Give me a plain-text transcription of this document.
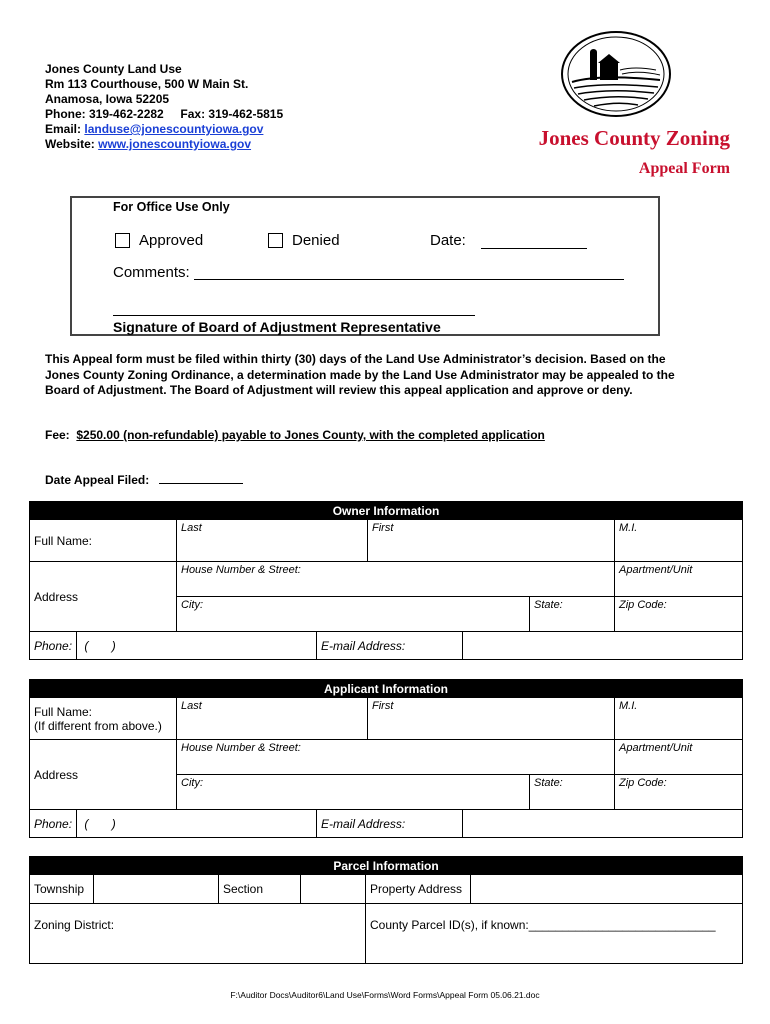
Jones County Land Use
Rm 113 Courthouse, 500 W Main St.
Anamosa, Iowa 52205
Phone: 319-462-2282 Fax: 319-462-5815
Email: landuse@jonescountyiowa.gov
Website: www.jonescountyiowa.gov	Jones County Zoning
Appeal Form
For Office Use Only
Approved	Denied	Date:
Comments:
Signature of Board of Adjustment Representative
This Appeal form must be filed within thirty (30) days of the Land Use Administrator’s decision. Based on the Jones County Zoning Ordinance, a determination made by the Land Use Administrator may be appealed to the Board of Adjustment. The Board of Adjustment will review this appeal application and approve or deny.
Fee: $250.00 (non-refundable) payable to Jones County, with the completed application
Date Appeal Filed:
Owner Information							
Full Name:		Last		First			M.I.
Address		House Number & Street:					Apartment/Unit
		City:				State:	Zip Code:
Phone:	( )		E-mail Address:				
Applicant Information							

Full Name:
(If different from above.)		Last		First			M.I.
Address		House Number & Street:					Apartment/Unit
		City:				State:	Zip Code:
Phone:	( )		E-mail Address:				
Parcel Information					
Township		Section		Property Address	
Zoning District:				County Parcel ID(s), if known:____________________________	
F:\Auditor Docs\Auditor6\Land Use\Forms\Word Forms\Appeal Form 05.06.21.doc
